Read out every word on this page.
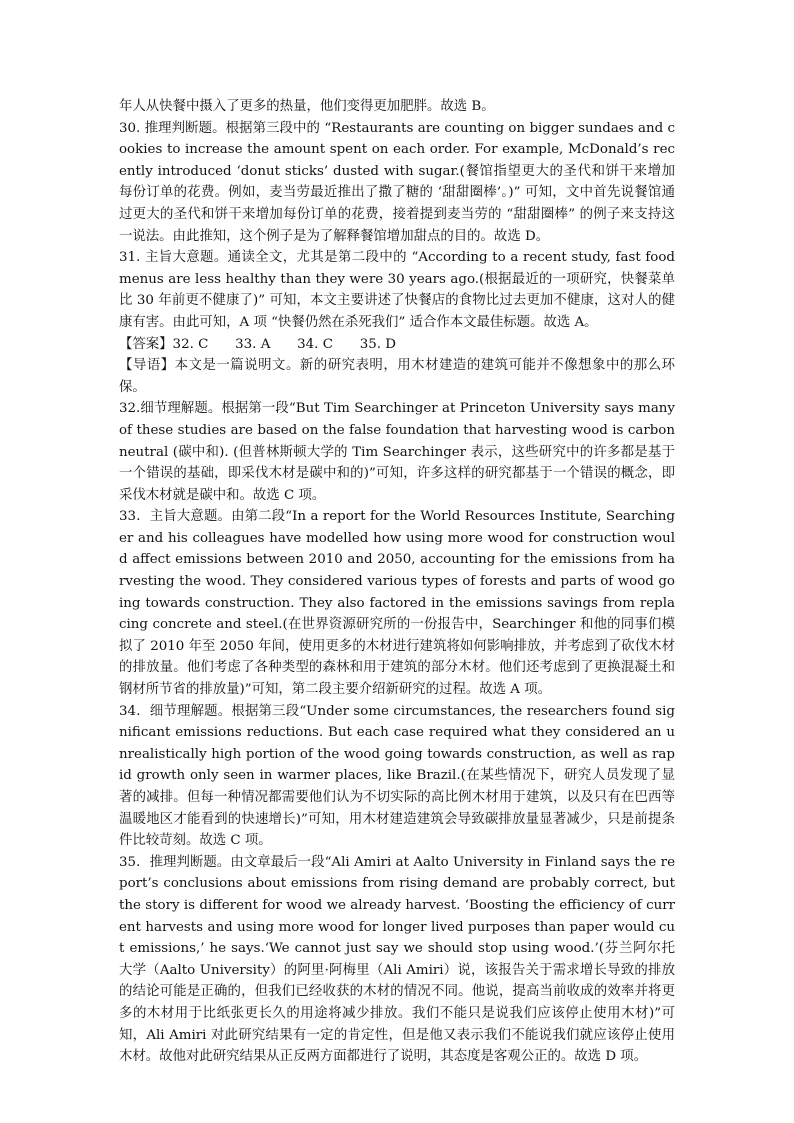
年人从快餐中摄入了更多的热量，他们变得更加肥胖。故选 B。

30. 推理判断题。根据第三段中的 “Restaurants are counting on bigger sundaes and cookies to increase the amount spent on each order. For example, McDonald’s recently introduced ‘donut sticks’ dusted with sugar.(餐馆指望更大的圣代和饼干来增加每份订单的花费。例如，麦当劳最近推出了撒了糖的 ‘甜甜圈棒’。)” 可知，文中首先说餐馆通过更大的圣代和饼干来增加每份订单的花费，接着提到麦当劳的 “甜甜圈棒” 的例子来支持这一说法。由此推知，这个例子是为了解释餐馆增加甜点的目的。故选 D。

31. 主旨大意题。通读全文，尤其是第二段中的 “According to a recent study, fast food menus are less healthy than they were 30 years ago.(根据最近的一项研究，快餐菜单比 30 年前更不健康了)” 可知，本文主要讲述了快餐店的食物比过去更加不健康，这对人的健康有害。由此可知，A 项 “快餐仍然在杀死我们” 适合作本文最佳标题。故选 A。

【答案】32. C　　33. A　　34. C　　35. D

【导语】本文是一篇说明文。新的研究表明，用木材建造的建筑可能并不像想象中的那么环保。

32.细节理解题。根据第一段“But Tim Searchinger at Princeton University says many of these studies are based on the false foundation that harvesting wood is carbon neutral (碳中和). (但普林斯顿大学的 Tim Searchinger 表示，这些研究中的许多都是基于一个错误的基础，即采伐木材是碳中和的)”可知，许多这样的研究都基于一个错误的概念，即采伐木材就是碳中和。故选 C 项。

33．主旨大意题。由第二段“In a report for the World Resources Institute, Searchinger and his colleagues have modelled how using more wood for construction would affect emissions between 2010 and 2050, accounting for the emissions from harvesting the wood. They considered various types of forests and parts of wood going towards construction. They also factored in the emissions savings from replacing concrete and steel.(在世界资源研究所的一份报告中，Searchinger 和他的同事们模拟了 2010 年至 2050 年间，使用更多的木材进行建筑将如何影响排放，并考虑到了砍伐木材的排放量。他们考虑了各种类型的森林和用于建筑的部分木材。他们还考虑到了更换混凝土和钢材所节省的排放量)”可知，第二段主要介绍新研究的过程。故选 A 项。

34．细节理解题。根据第三段“Under some circumstances, the researchers found significant emissions reductions. But each case required what they considered an unrealistically high portion of the wood going towards construction, as well as rapid growth only seen in warmer places, like Brazil.(在某些情况下，研究人员发现了显著的减排。但每一种情况都需要他们认为不切实际的高比例木材用于建筑，以及只有在巴西等温暖地区才能看到的快速增长)”可知，用木材建造建筑会导致碳排放量显著减少，只是前提条件比较苛刻。故选 C 项。

35．推理判断题。由文章最后一段“Ali Amiri at Aalto University in Finland says the report’s conclusions about emissions from rising demand are probably correct, but the story is different for wood we already harvest. ‘Boosting the efficiency of current harvests and using more wood for longer lived purposes than paper would cut emissions,’ he says.‘We cannot just say we should stop using wood.’(芬兰阿尔托大学（Aalto University）的阿里·阿梅里（Ali Amiri）说，该报告关于需求增长导致的排放的结论可能是正确的，但我们已经收获的木材的情况不同。他说，提高当前收成的效率并将更多的木材用于比纸张更长久的用途将减少排放。我们不能只是说我们应该停止使用木材)”可知，Ali Amiri 对此研究结果有一定的肯定性，但是他又表示我们不能说我们就应该停止使用木材。故他对此研究结果从正反两方面都进行了说明，其态度是客观公正的。故选 D 项。
